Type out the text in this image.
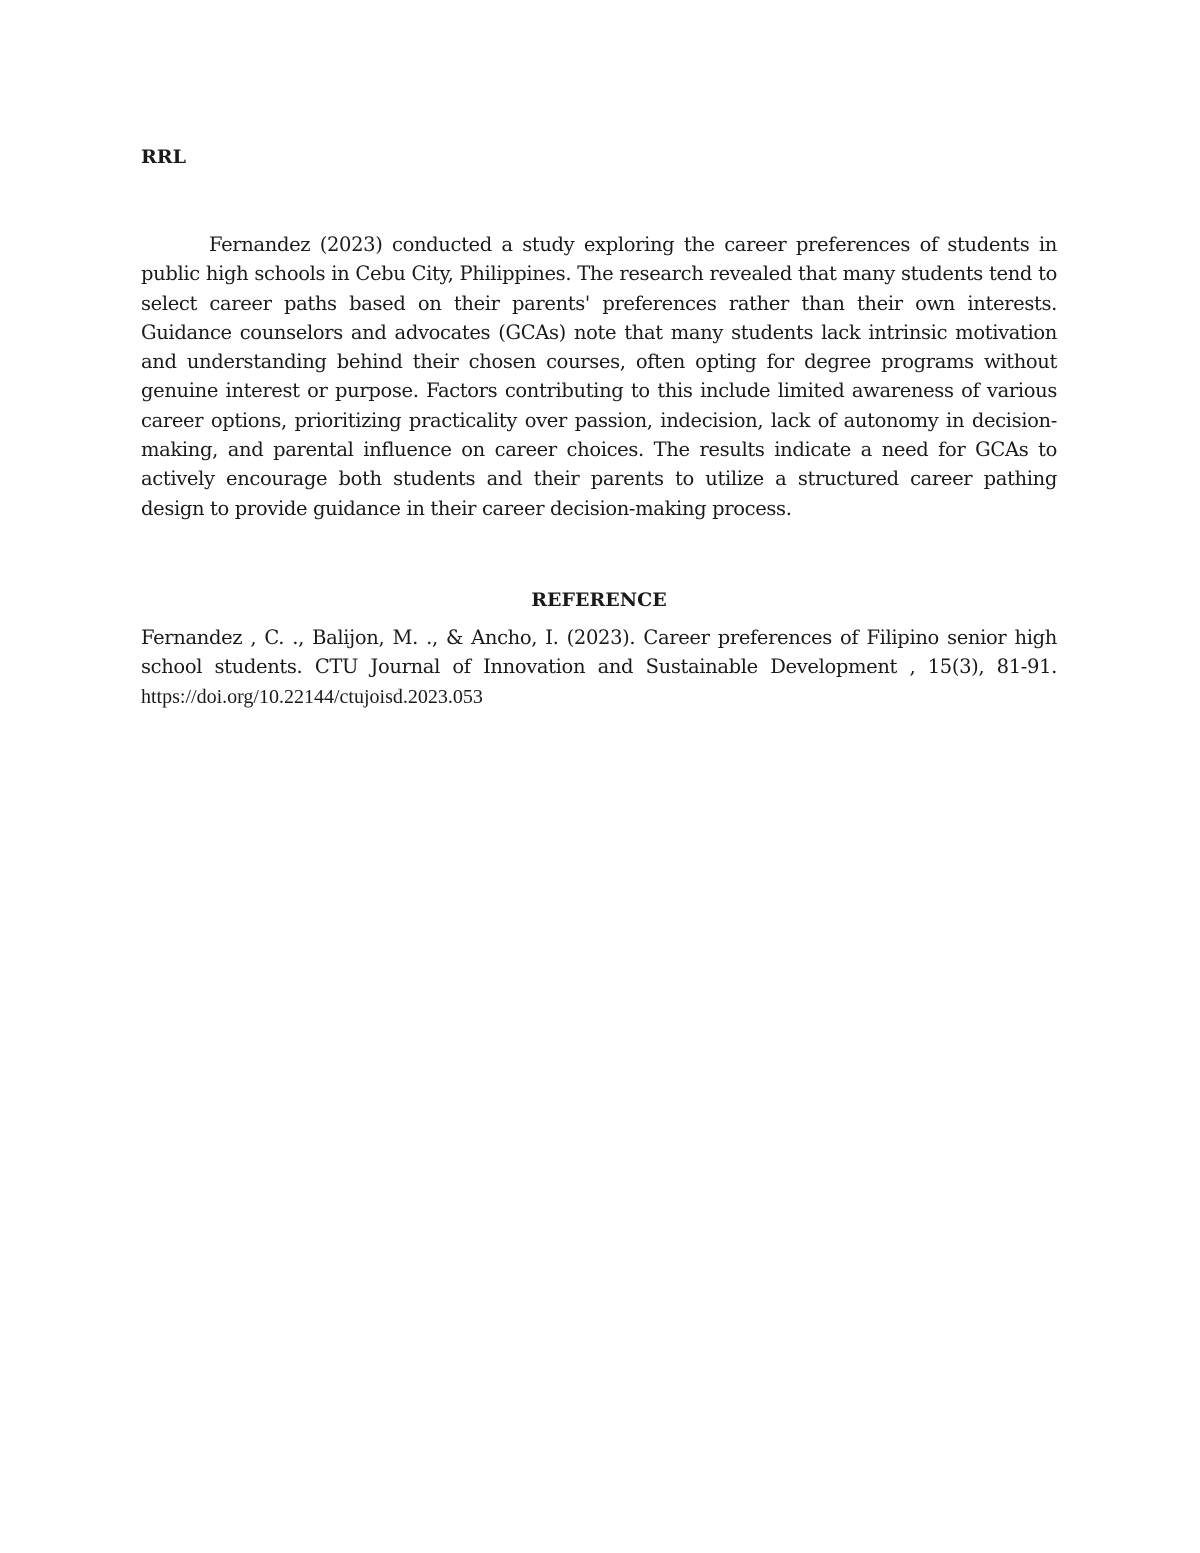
RRL

Fernandez (2023) conducted a study exploring the career preferences of students in public high schools in Cebu City, Philippines. The research revealed that many students tend to select career paths based on their parents' preferences rather than their own interests. Guidance counselors and advocates (GCAs) note that many students lack intrinsic motivation and understanding behind their chosen courses, often opting for degree programs without genuine interest or purpose. Factors contributing to this include limited awareness of various career options, prioritizing practicality over passion, indecision, lack of autonomy in decision-making, and parental influence on career choices. The results indicate a need for GCAs to actively encourage both students and their parents to utilize a structured career pathing design to provide guidance in their career decision-making process.

REFERENCE

Fernandez , C. ., Balijon, M. ., & Ancho, I. (2023). Career preferences of Filipino senior high school students. CTU Journal of Innovation and Sustainable Development , 15(3), 81-91. https://doi.org/10.22144/ctujoisd.2023.053
